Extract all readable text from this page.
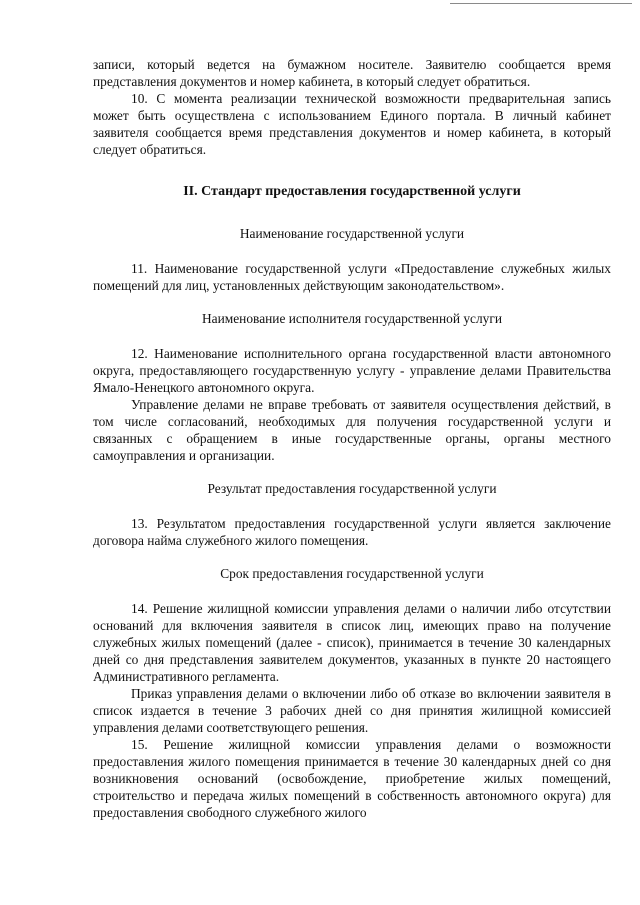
записи, который ведется на бумажном носителе. Заявителю сообщается время представления документов и номер кабинета, в который следует обратиться.

10. С момента реализации технической возможности предварительная запись может быть осуществлена с использованием Единого портала. В личный кабинет заявителя сообщается время представления документов и номер кабинета, в который следует обратиться.

II. Стандарт предоставления государственной услуги

Наименование государственной услуги

11. Наименование государственной услуги «Предоставление служебных жилых помещений для лиц, установленных действующим законодательством».

Наименование исполнителя государственной услуги

12. Наименование исполнительного органа государственной власти автономного округа, предоставляющего государственную услугу - управление делами Правительства Ямало-Ненецкого автономного округа.

Управление делами не вправе требовать от заявителя осуществления действий, в том числе согласований, необходимых для получения государственной услуги и связанных с обращением в иные государственные органы, органы местного самоуправления и организации.

Результат предоставления государственной услуги

13. Результатом предоставления государственной услуги является заключение договора найма служебного жилого помещения.

Срок предоставления государственной услуги

14. Решение жилищной комиссии управления делами о наличии либо отсутствии оснований для включения заявителя в список лиц, имеющих право на получение служебных жилых помещений (далее - список), принимается в течение 30 календарных дней со дня представления заявителем документов, указанных в пункте 20 настоящего Административного регламента.

Приказ управления делами о включении либо об отказе во включении заявителя в список издается в течение 3 рабочих дней со дня принятия жилищной комиссией управления делами соответствующего решения.

15. Решение жилищной комиссии управления делами о возможности предоставления жилого помещения принимается в течение 30 календарных дней со дня возникновения оснований (освобождение, приобретение жилых помещений, строительство и передача жилых помещений в собственность автономного округа) для предоставления свободного служебного жилого
